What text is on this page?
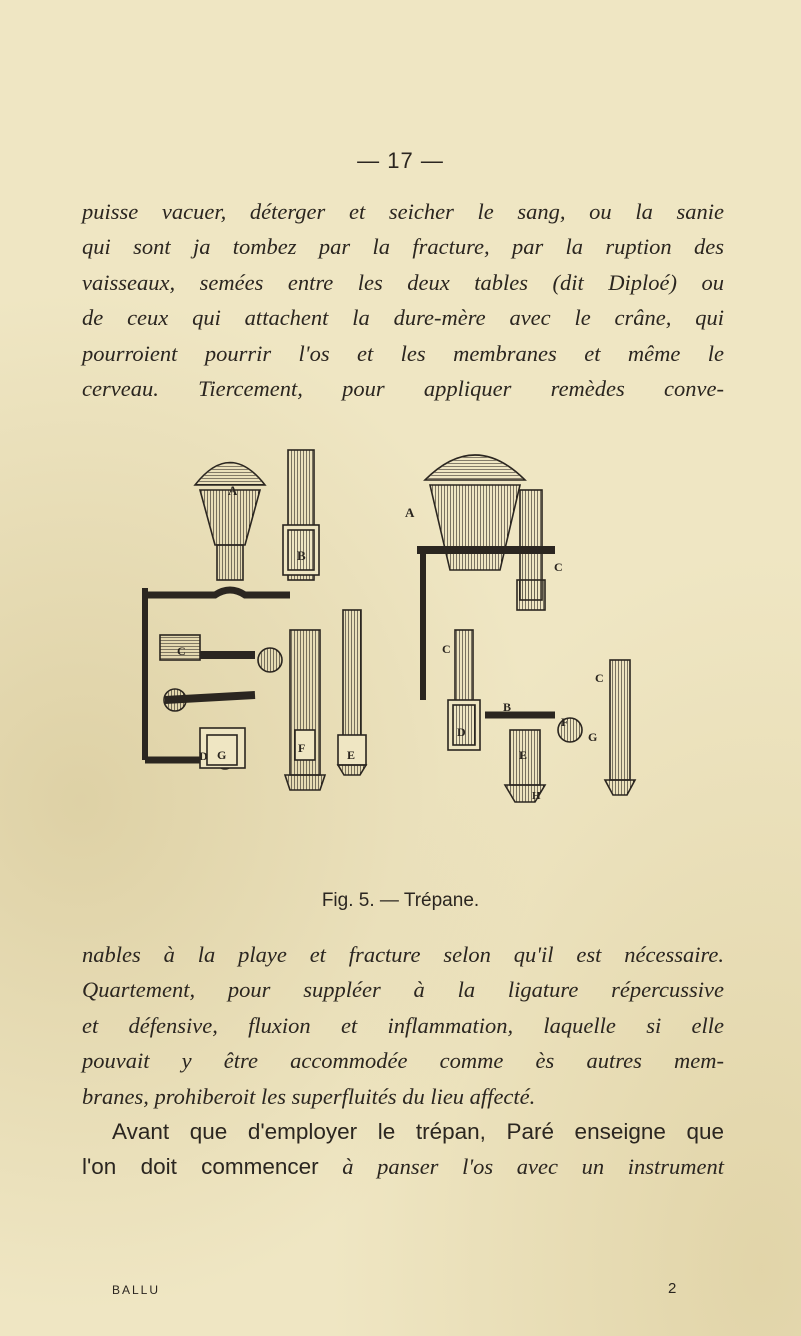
— 17 —

puisse vacuer, déterger et seicher le sang, ou la sanie
qui sont ja tombez par la fracture, par la ruption des
vaisseaux, semées entre les deux tables (dit Diploé) ou
de ceux qui attachent la dure-mère avec le crâne, qui
pourroient pourrir l'os et les membranes et même le
cerveau. Tiercement, pour appliquer remèdes conve-

A
B
C
D	E
F
G
A
B
C
C
C
D
E
F
G
H
Fig. 5. — Trépane.

nables à la playe et fracture selon qu'il est nécessaire.
Quartement, pour suppléer à la ligature répercussive
et défensive, fluxion et inflammation, laquelle si elle
pouvait y être accommodée comme ès autres mem-
branes, prohiberoit les superfluités du lieu affecté.

Avant que d'employer le trépan, Paré enseigne que
l'on doit commencer à panser l'os avec un instrument

BALLU	2
